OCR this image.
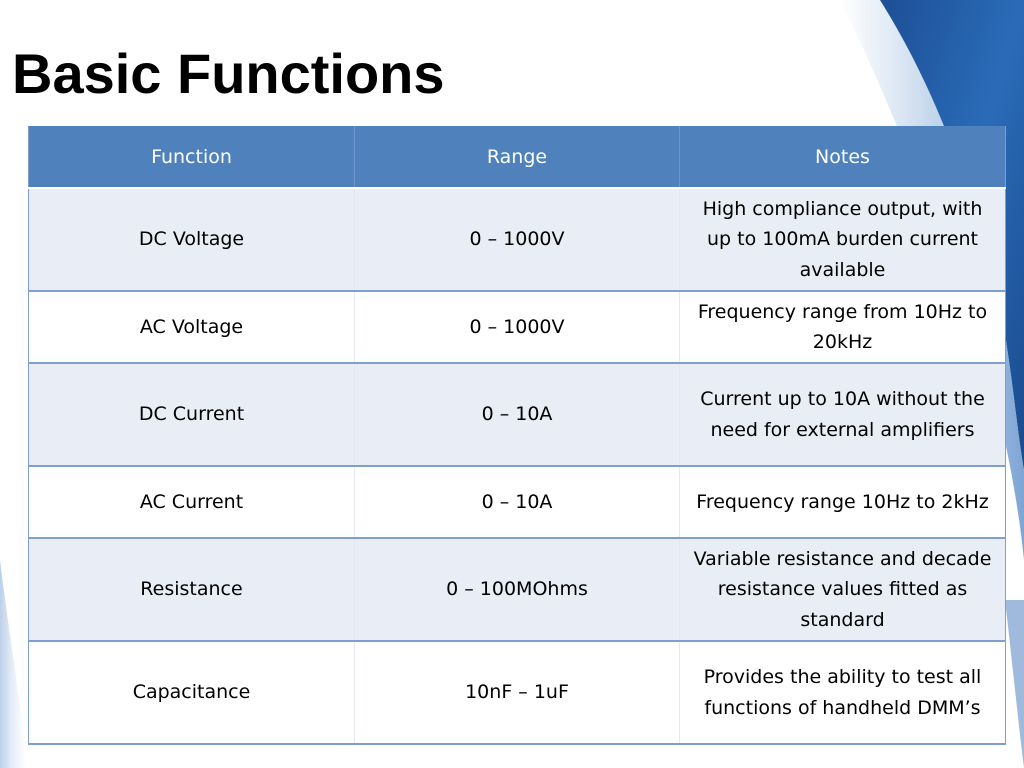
Basic Functions
Function	Range	Notes
DC Voltage	0 – 1000V	High compliance output, with up to 100mA burden current available
AC Voltage	0 – 1000V	Frequency range from 10Hz to 20kHz
DC Current	0 – 10A	Current up to 10A without the need for external amplifiers
AC Current	0 – 10A	Frequency range 10Hz to 2kHz
Resistance	0 – 100MOhms	Variable resistance and decade resistance values fitted as standard
Capacitance	10nF – 1uF	Provides the ability to test all functions of handheld DMM’s
